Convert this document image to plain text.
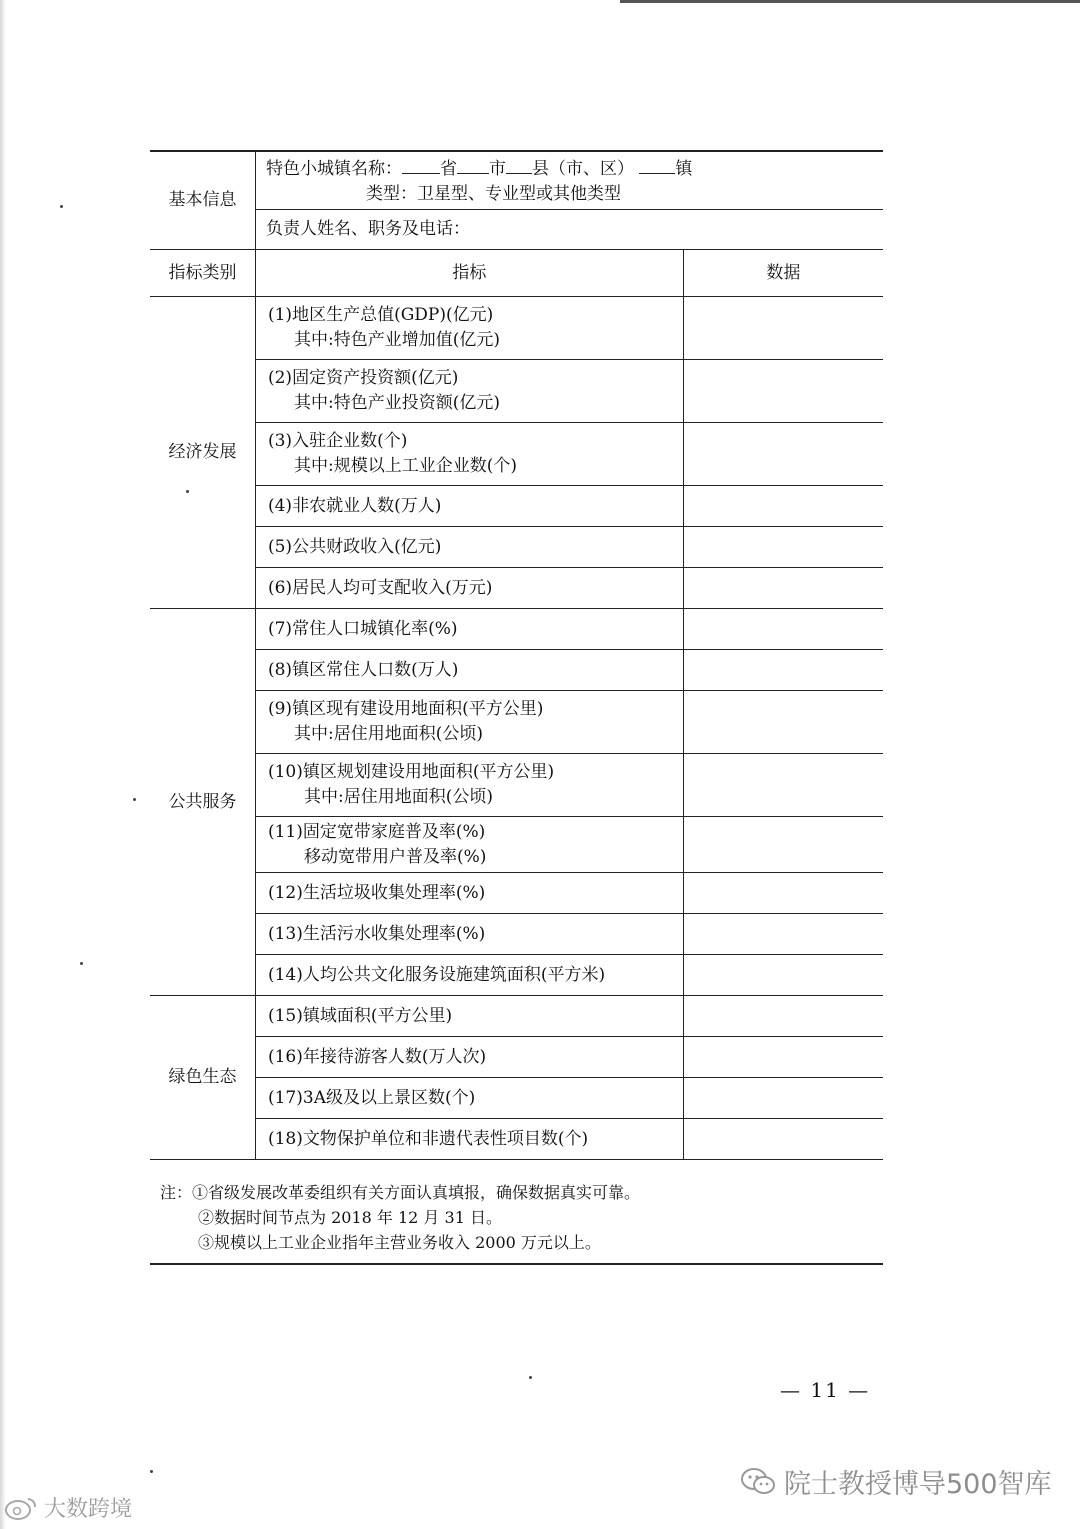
基本信息	特色小城镇名称： 省 市 县（市、区） 镇
类型：卫星型、专业型或其他类型	

	负责人姓名、职务及电话：	
指标类别	指标	数据
经济发展	(1)地区生产总值(GDP)(亿元)
其中:特色产业增加值(亿元)	

	(2)固定资产投资额(亿元)
其中:特色产业投资额(亿元)	

	(3)入驻企业数(个)
其中:规模以上工业企业数(个)	

	(4)非农就业人数(万人)	
	(5)公共财政收入(亿元)	
	(6)居民人均可支配收入(万元)	
公共服务	(7)常住人口城镇化率(%)	
	(8)镇区常住人口数(万人)	
	(9)镇区现有建设用地面积(平方公里)
其中:居住用地面积(公顷)	

	(10)镇区规划建设用地面积(平方公里)
其中:居住用地面积(公顷)	

	(11)固定宽带家庭普及率(%)
移动宽带用户普及率(%)	

	(12)生活垃圾收集处理率(%)	
	(13)生活污水收集处理率(%)	
	(14)人均公共文化服务设施建筑面积(平方米)	
绿色生态	(15)镇域面积(平方公里)	
	(16)年接待游客人数(万人次)	
	(17)3A级及以上景区数(个)	
	(18)文物保护单位和非遗代表性项目数(个)	
注：①省级发展改革委组织有关方面认真填报，确保数据真实可靠。
②数据时间节点为 2018 年 12 月 31 日。
③规模以上工业企业指年主营业务收入 2000 万元以上。
— 11 —
院士教授博导500智库
大数跨境
